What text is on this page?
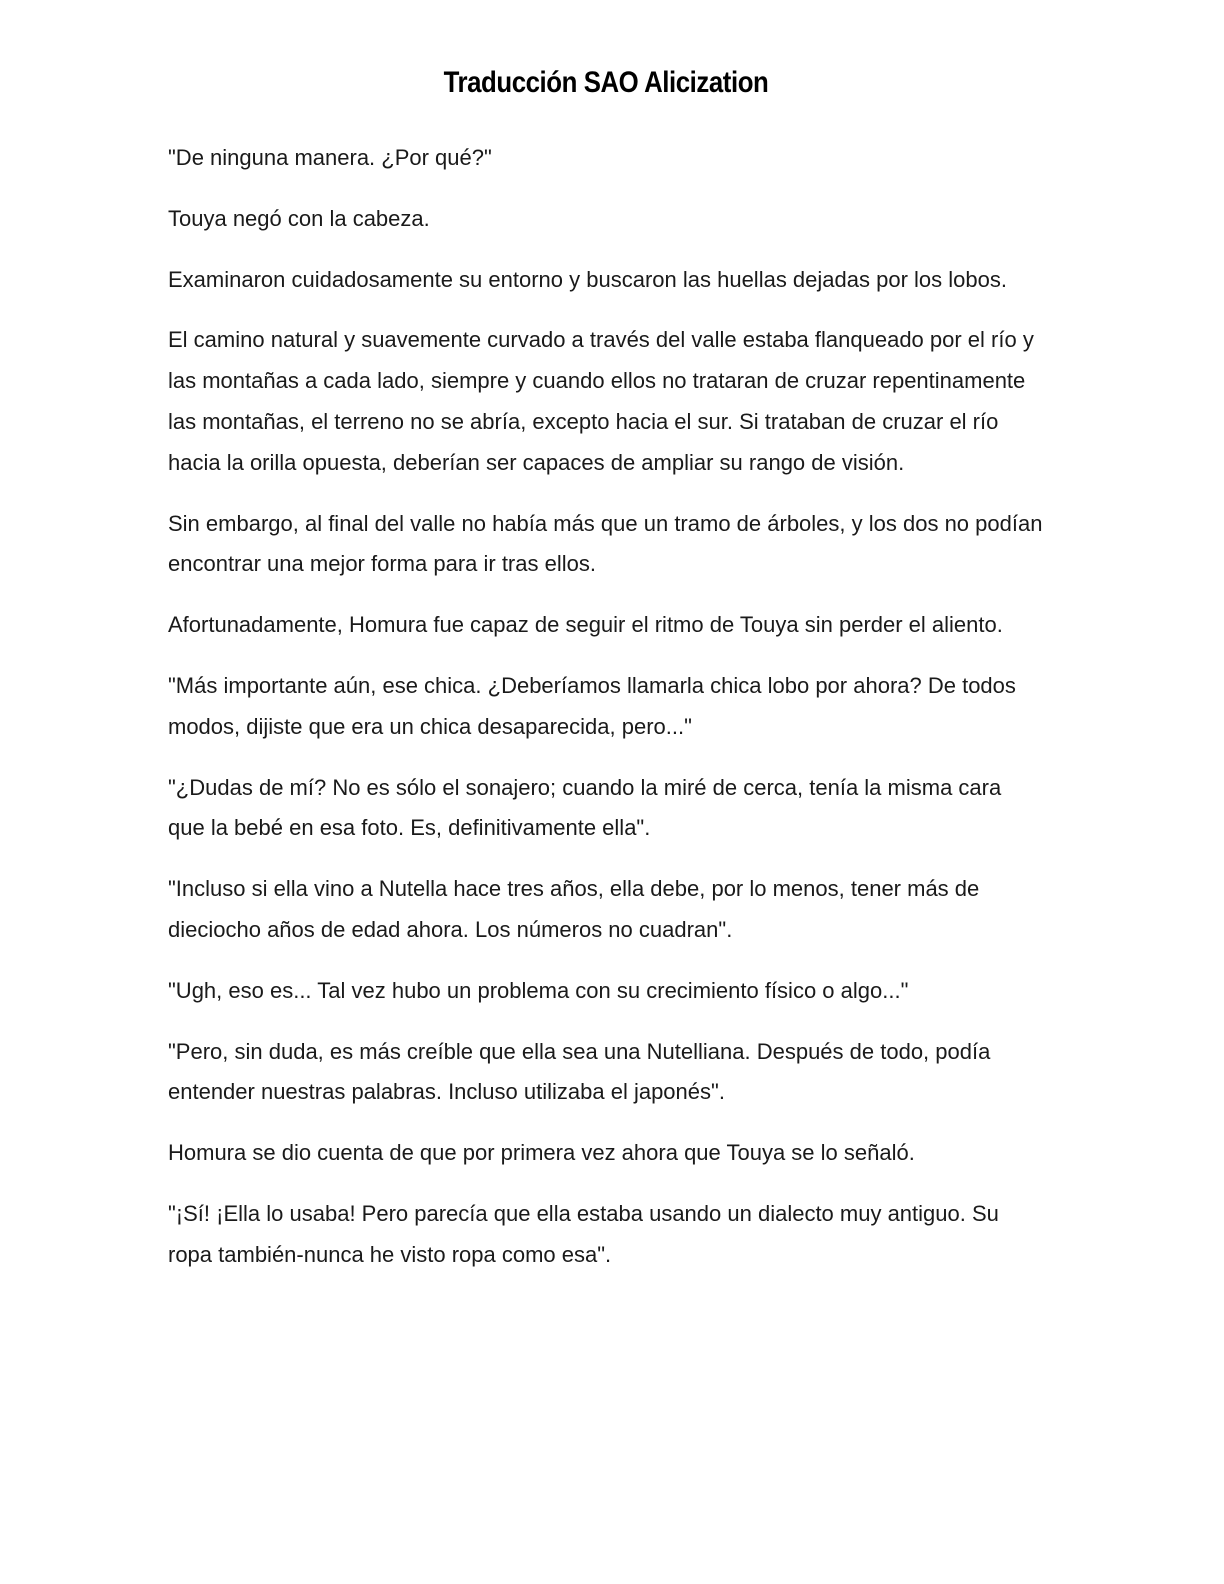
Traducción SAO Alicization

"De ninguna manera. ¿Por qué?"

Touya negó con la cabeza.

Examinaron cuidadosamente su entorno y buscaron las huellas dejadas por los lobos.

El camino natural y suavemente curvado a través del valle estaba flanqueado por el río y las montañas a cada lado, siempre y cuando ellos no trataran de cruzar repentinamente las montañas, el terreno no se abría, excepto hacia el sur. Si trataban de cruzar el río hacia la orilla opuesta, deberían ser capaces de ampliar su rango de visión.

Sin embargo, al final del valle no había más que un tramo de árboles, y los dos no podían encontrar una mejor forma para ir tras ellos.

Afortunadamente, Homura fue capaz de seguir el ritmo de Touya sin perder el aliento.

"Más importante aún, ese chica. ¿Deberíamos llamarla chica lobo por ahora? De todos modos, dijiste que era un chica desaparecida, pero..."

"¿Dudas de mí? No es sólo el sonajero; cuando la miré de cerca, tenía la misma cara que la bebé en esa foto. Es, definitivamente ella".

"Incluso si ella vino a Nutella hace tres años, ella debe, por lo menos, tener más de dieciocho años de edad ahora. Los números no cuadran".

"Ugh, eso es... Tal vez hubo un problema con su crecimiento físico o algo..."

"Pero, sin duda, es más creíble que ella sea una Nutelliana. Después de todo, podía entender nuestras palabras. Incluso utilizaba el japonés".

Homura se dio cuenta de que por primera vez ahora que Touya se lo señaló.

"¡Sí! ¡Ella lo usaba! Pero parecía que ella estaba usando un dialecto muy antiguo. Su ropa también-nunca he visto ropa como esa".
